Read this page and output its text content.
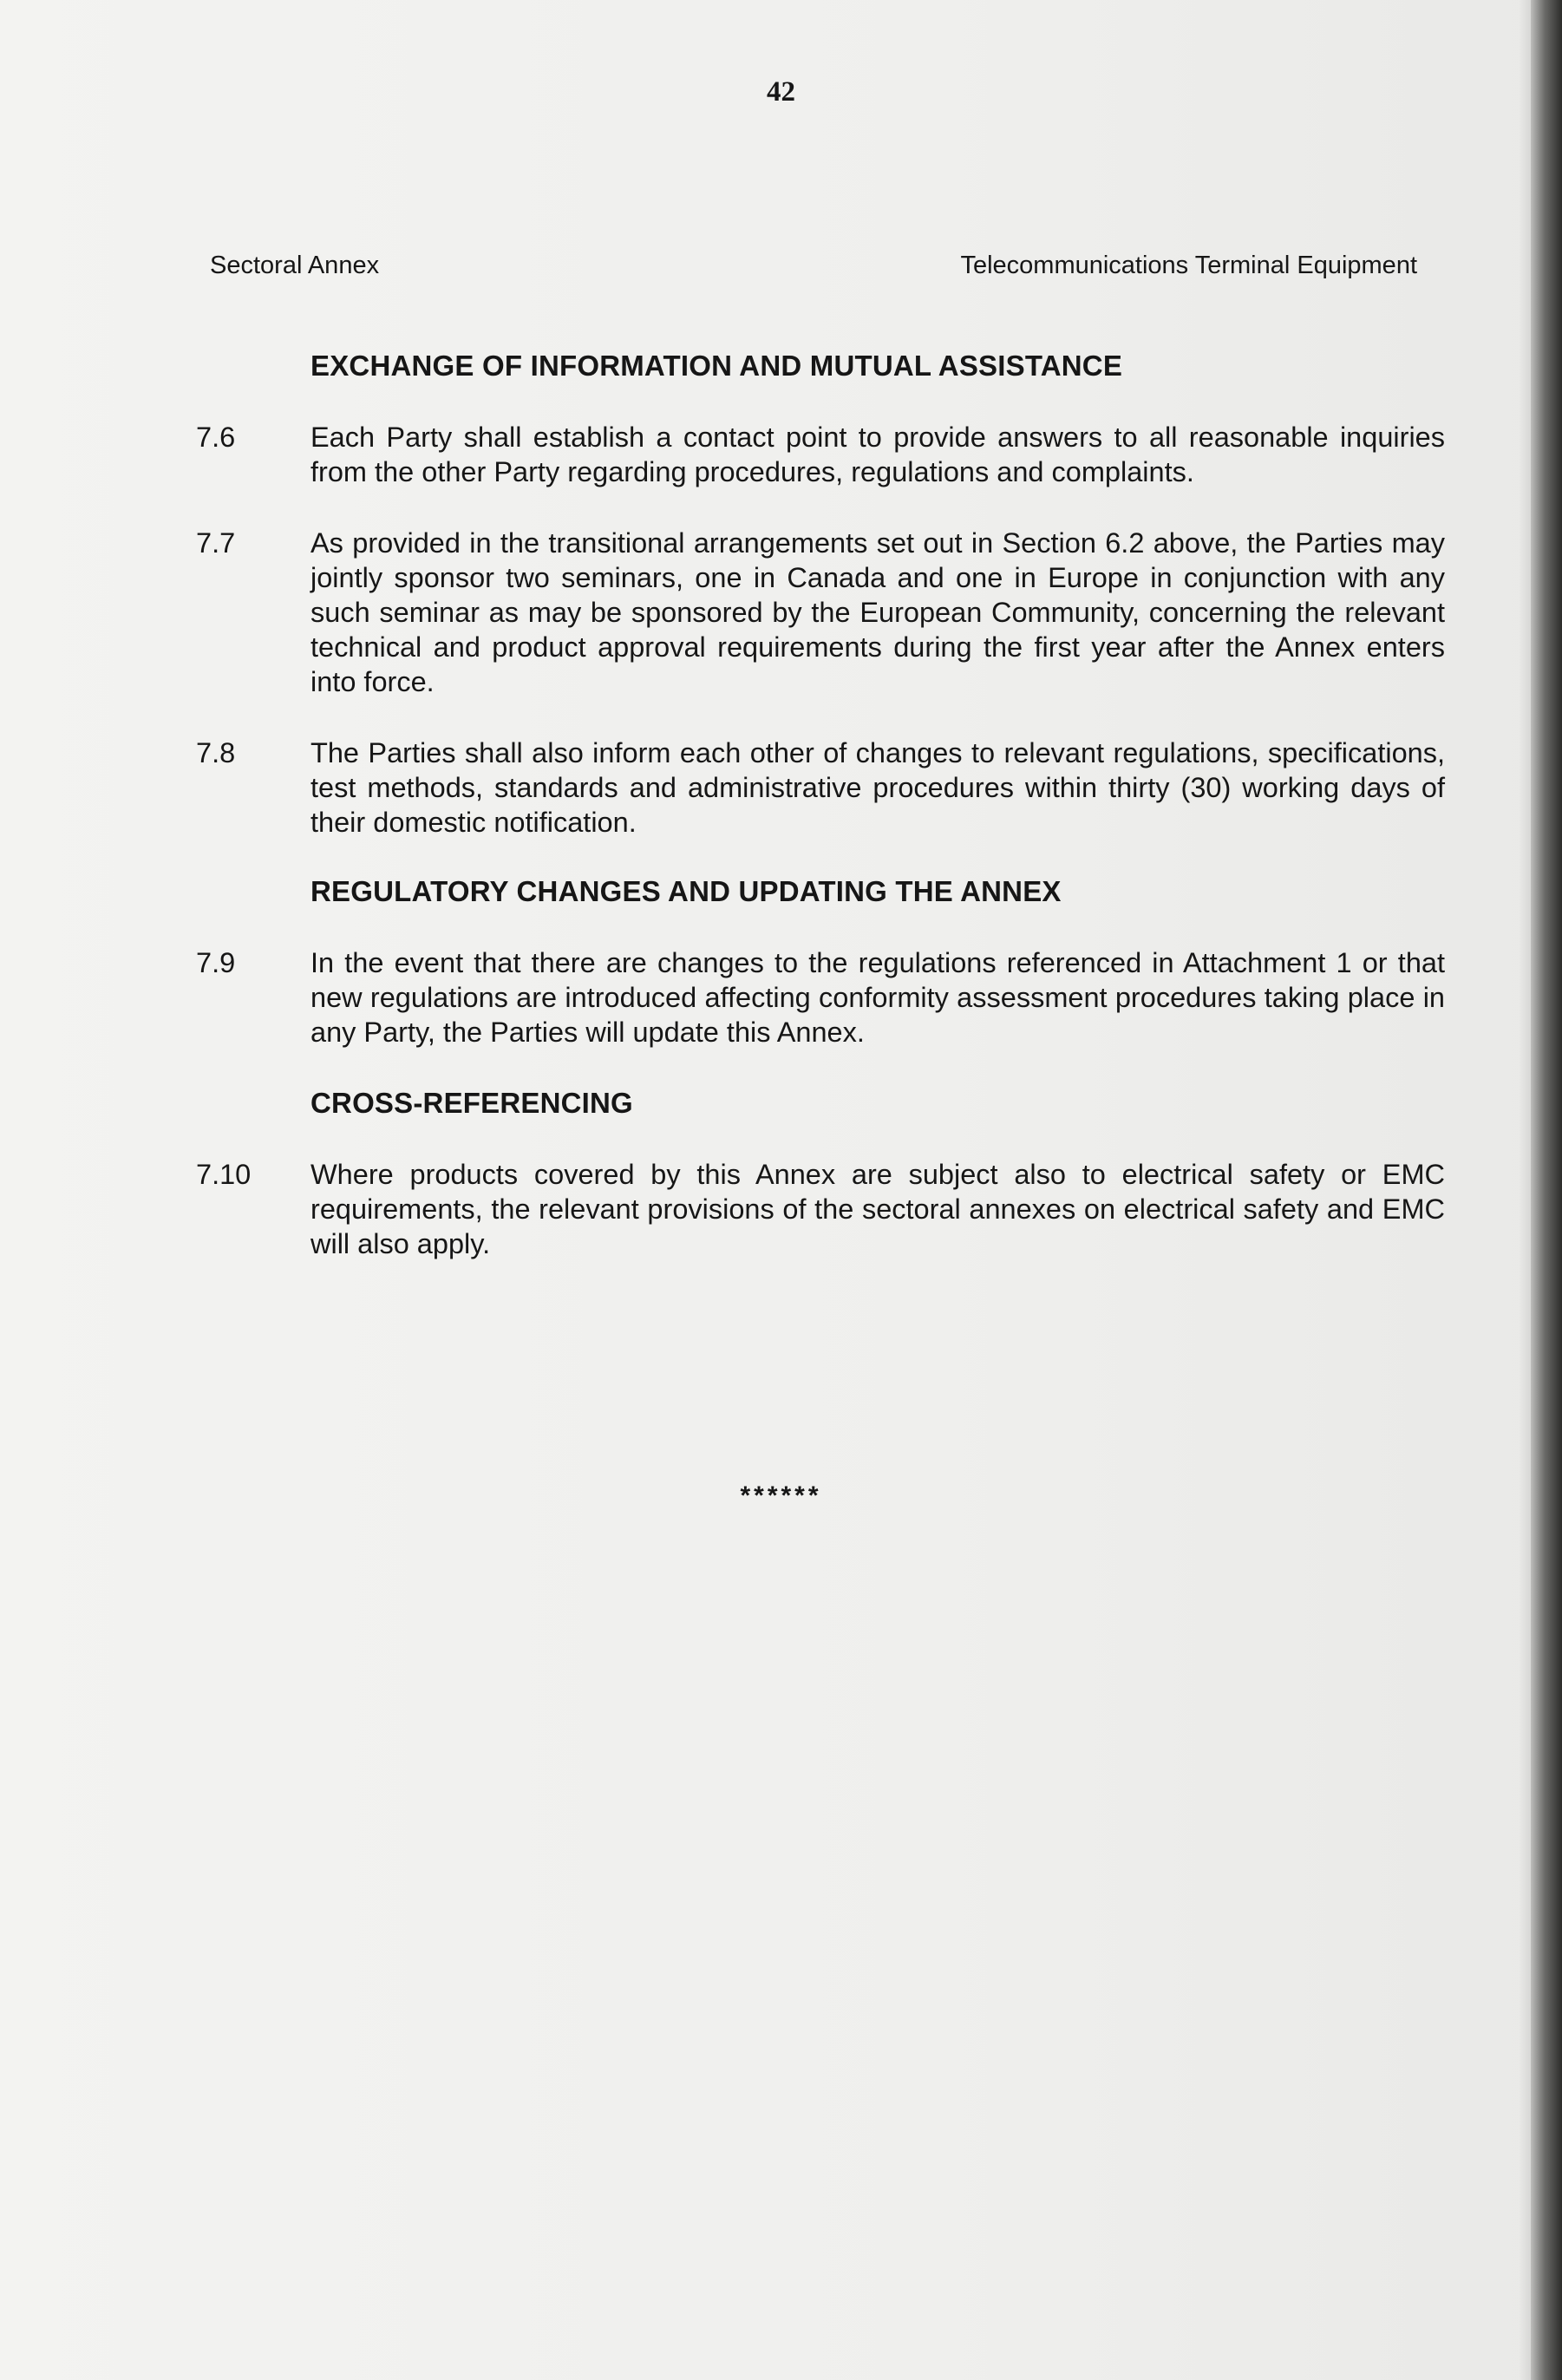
42
Sectoral Annex	Telecommunications Terminal Equipment
EXCHANGE OF INFORMATION AND MUTUAL ASSISTANCE
7.6	Each Party shall establish a contact point to provide answers to all reasonable inquiries from the other Party regarding procedures, regulations and complaints.
7.7	As provided in the transitional arrangements set out in Section 6.2 above, the Parties may jointly sponsor two seminars, one in Canada and one in Europe in conjunction with any such seminar as may be sponsored by the European Community, concerning the relevant technical and product approval requirements during the first year after the Annex enters into force.
7.8	The Parties shall also inform each other of changes to relevant regulations, specifications, test methods, standards and administrative procedures within thirty (30) working days of their domestic notification.
REGULATORY CHANGES AND UPDATING THE ANNEX
7.9	In the event that there are changes to the regulations referenced in Attachment 1 or that new regulations are introduced affecting conformity assessment procedures taking place in any Party, the Parties will update this Annex.
CROSS-REFERENCING
7.10	Where products covered by this Annex are subject also to electrical safety or EMC requirements, the relevant provisions of the sectoral annexes on electrical safety and EMC will also apply.
******
